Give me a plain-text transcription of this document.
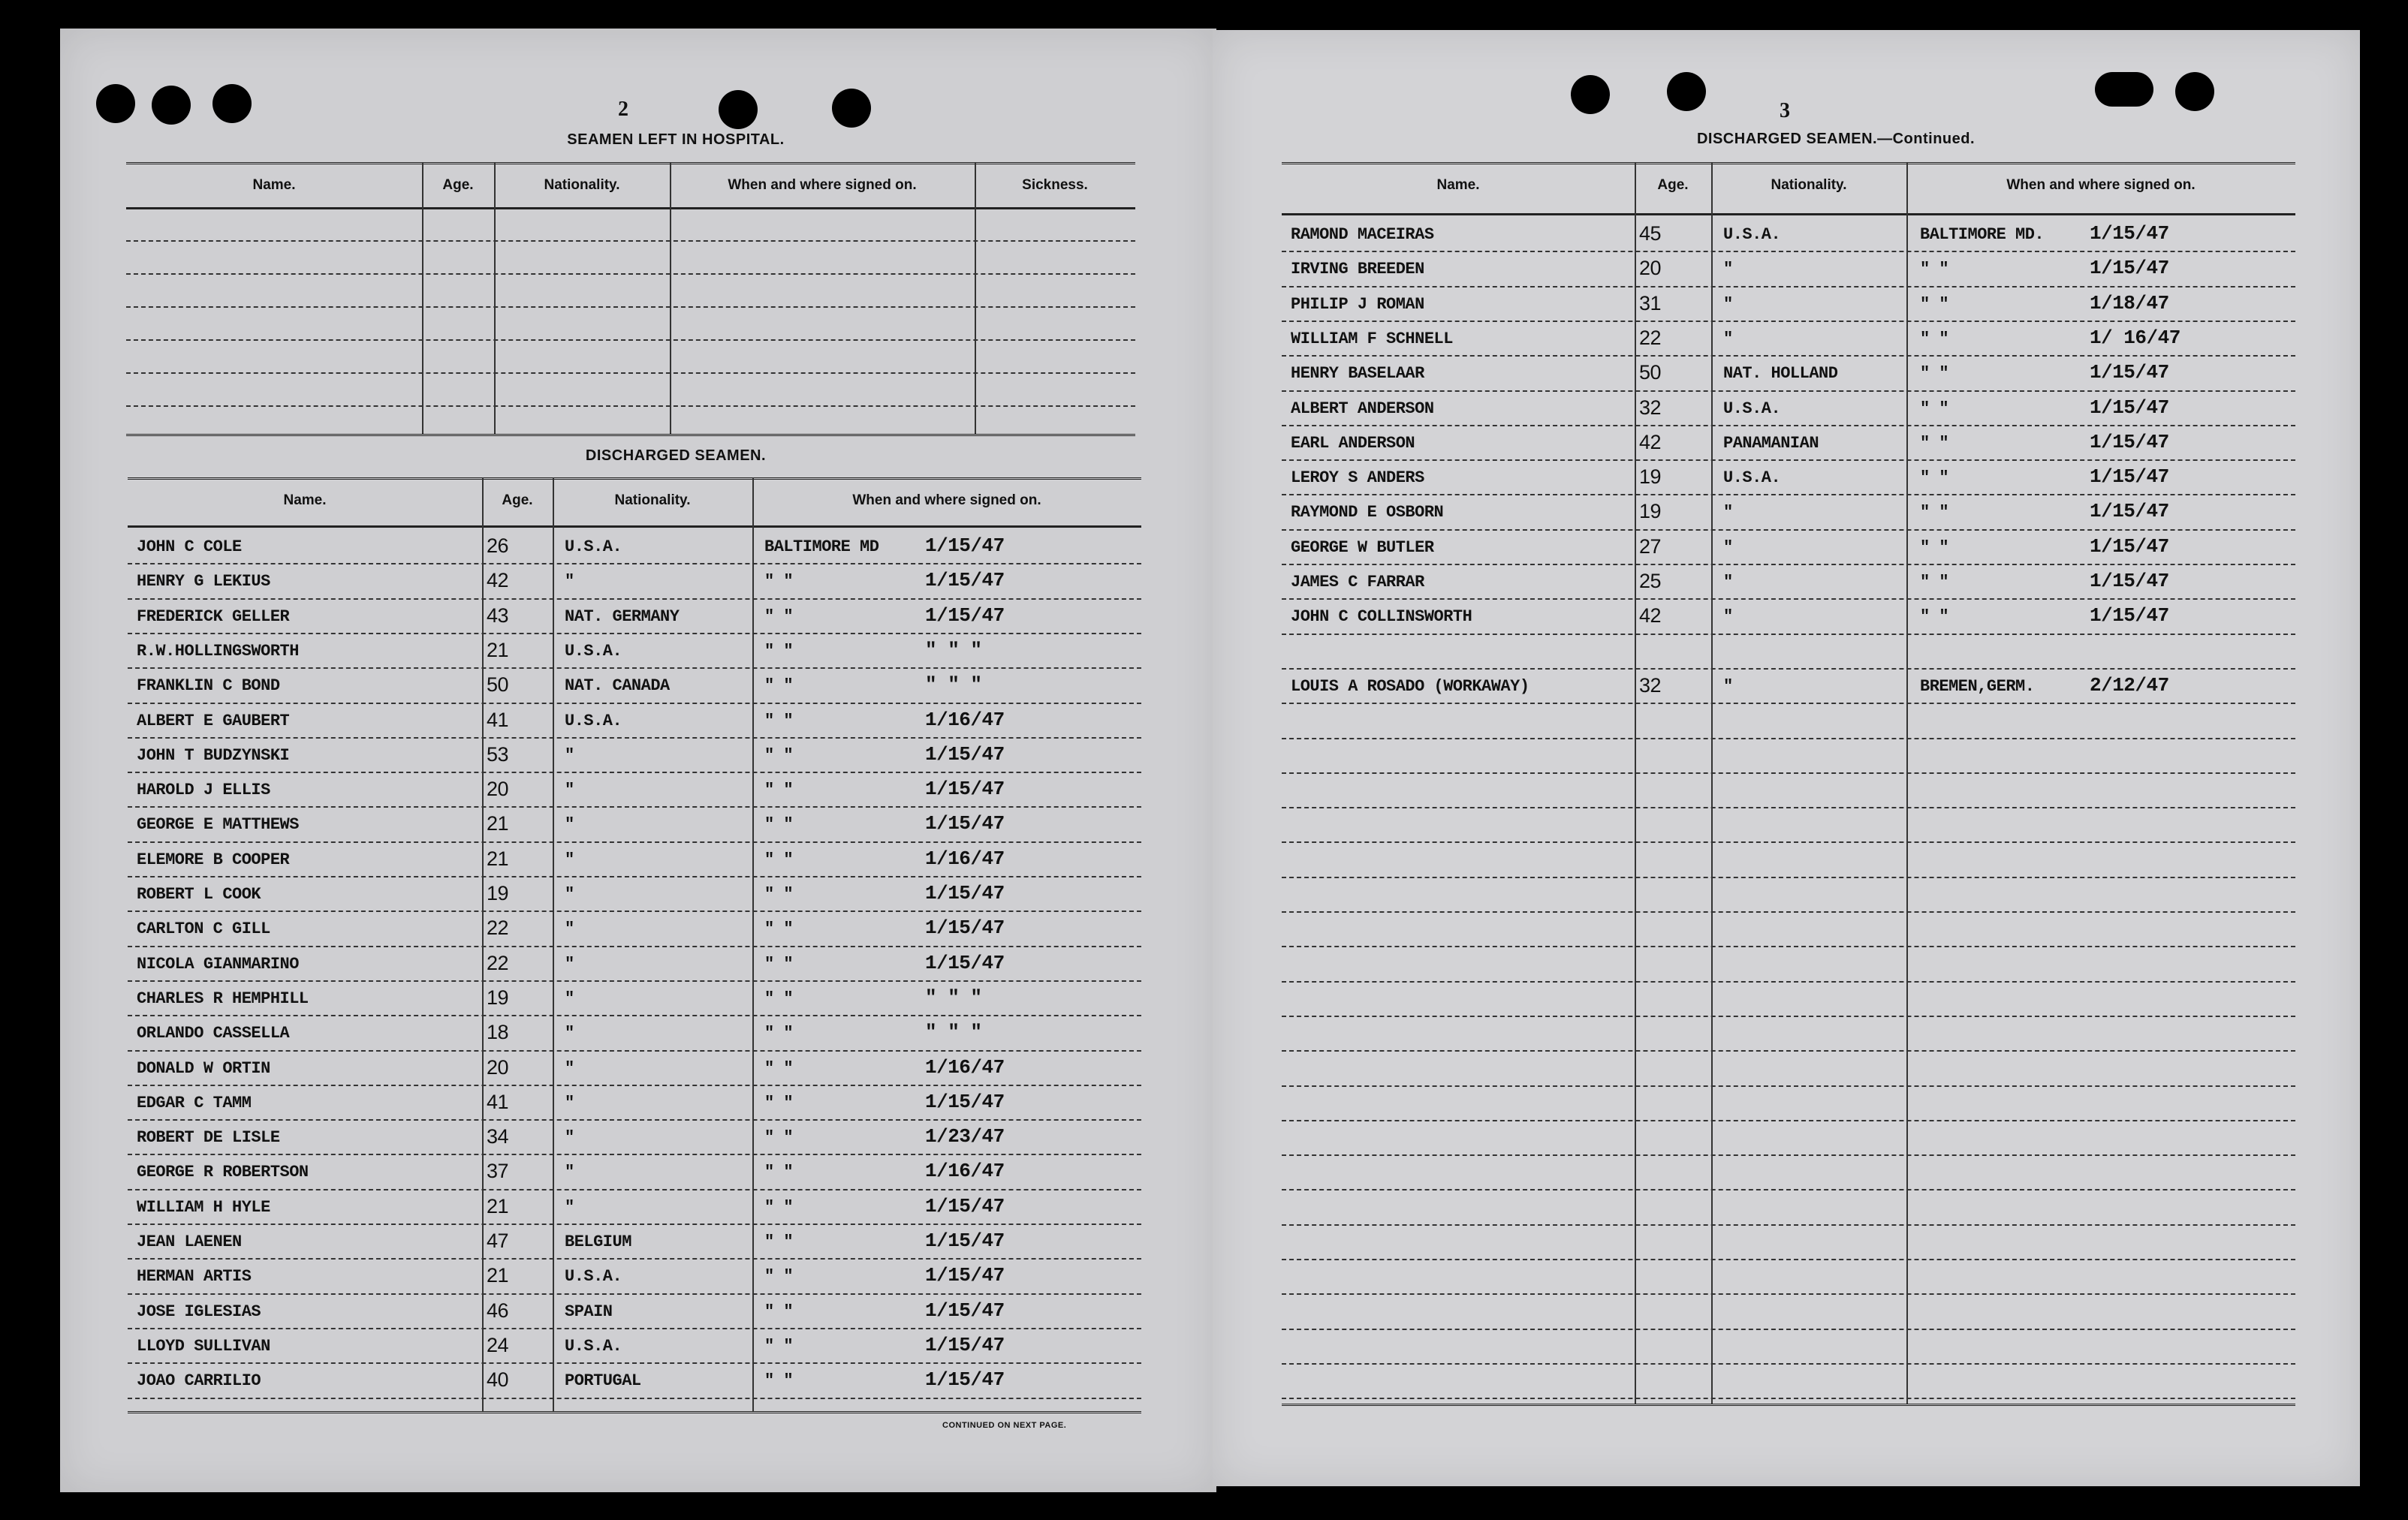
2
SEAMEN LEFT IN HOSPITAL.
DISCHARGED SEAMEN.
CONTINUED ON NEXT PAGE.
Name.	Age.	Nationality.	When and where signed on.	Sickness.
Name.	Age.	Nationality.	When and where signed on.
JOHN C COLE	26	U.S.A.	BALTIMORE MD 1/15/47
HENRY G LEKIUS	42	"	" "	1/15/47
FREDERICK GELLER	43	NAT. GERMANY	" "	1/15/47
R.W.HOLLINGSWORTH	21	U.S.A.	" "	" " "
FRANKLIN C BOND	50	NAT. CANADA	" "	" " "
ALBERT E GAUBERT	41	U.S.A.	" "	1/16/47
JOHN T BUDZYNSKI	53	"	" "	1/15/47
HAROLD J ELLIS	20	"	" "	1/15/47
GEORGE E MATTHEWS	21	"	" "	1/15/47
ELEMORE B COOPER	21	"	" "	1/16/47
ROBERT L COOK	19	"	" "	1/15/47
CARLTON C GILL	22	"	" "	1/15/47
NICOLA GIANMARINO	22	"	" "	1/15/47
CHARLES R HEMPHILL	19	"	" "	" " "
ORLANDO CASSELLA	18	"	" "	" " "
DONALD W ORTIN	20	"	" "	1/16/47
EDGAR C TAMM	41	"	" "	1/15/47
ROBERT DE LISLE	34	"	" "	1/23/47
GEORGE R ROBERTSON	37	"	" "	1/16/47
WILLIAM H HYLE	21	"	" "	1/15/47
JEAN LAENEN	47	BELGIUM	" "	1/15/47
HERMAN ARTIS	21	U.S.A.	" "	1/15/47
JOSE IGLESIAS	46	SPAIN	" "	1/15/47
LLOYD SULLIVAN	24	U.S.A.	" "	1/15/47
JOAO CARRILIO	40	PORTUGAL	" "	1/15/47
3
DISCHARGED SEAMEN.—Continued.
Name.	Age.	Nationality.	When and where signed on.
RAMOND MACEIRAS	45	U.S.A.	BALTIMORE MD. 1/15/47
IRVING BREEDEN	20	"	" "	1/15/47
PHILIP J ROMAN	31	"	" "	1/18/47
WILLIAM F SCHNELL	22	"	" "	1/ 16/47
HENRY BASELAAR	50	NAT. HOLLAND	" "	1/15/47
ALBERT ANDERSON	32	U.S.A.	" "	1/15/47
EARL ANDERSON	42	PANAMANIAN	" "	1/15/47
LEROY S ANDERS	19	U.S.A.	" "	1/15/47
RAYMOND E OSBORN	19	"	" "	1/15/47
GEORGE W BUTLER	27	"	" "	1/15/47
JAMES C FARRAR	25	"	" "	1/15/47
JOHN C COLLINSWORTH	42	"	" "	1/15/47
LOUIS A ROSADO (WORKAWAY)	32	"	BREMEN,GERM.	2/12/47
